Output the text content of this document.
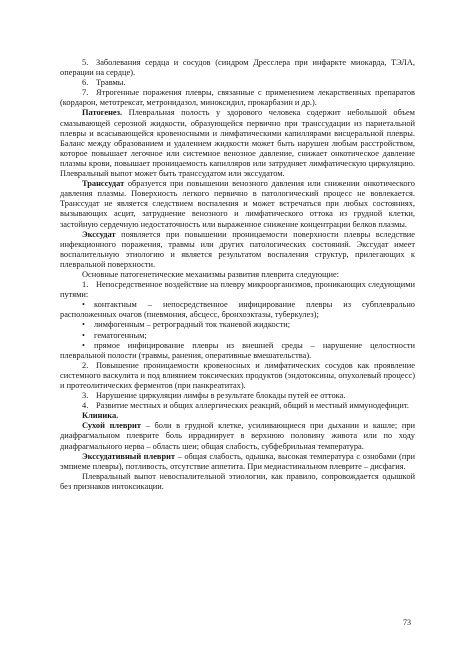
5. Заболевания сердца и сосудов (синдром Дресслера при инфаркте миокарда, ТЭЛА, операции на сердце).

6. Травмы.

7. Ятрогенные поражения плевры, связанные с применением лекарственных препаратов (кордарон, метотрексат, метронидазол, миноксидил, прокарбазин и др.).

Патогенез. Плевральная полость у здорового человека содержит небольшой объем смазывающей серозной жидкости, образующейся первично при транссудации из париетальной плевры и всасывающейся кровеносными и лимфатическими капиллярами висцеральной плевры. Баланс между образованием и удалением жидкости может быть нарушен любым расстройством, которое повышает легочное или системное венозное давление, снижает онкотическое давление плазмы крови, повышает проницаемость капилляров или затрудняет лимфатическую циркуляцию. Плевральный выпот может быть транссудатом или экссудатом.

Транссудат образуется при повышении венозного давления или снижении онкотического давления плазмы. Поверхность легкого первично в патологический процесс не вовлекается. Транссудат не является следствием воспаления и может встречаться при любых состояниях, вызывающих асцит, затруднение венозного и лимфатического оттока из грудной клетки, застойную сердечную недостаточность или выраженное снижение концентрации белков плазмы.

Экссудат появляется при повышении проницаемости поверхности плевры вследствие инфекционного поражения, травмы или других патологических состояний. Экссудат имеет воспалительную этиологию и является результатом воспаления структур, прилегающих к плевральной поверхности.

Основные патогенетические механизмы развития плеврита следующие:

1. Непосредственное воздействие на плевру микроорганизмов, проникающих следующими путями:

• контактным – непосредственное инфицирование плевры из субплеврально расположенных очагов (пневмония, абсцесс, бронхоэктазы, туберкулез);

• лимфогенным – ретроградный ток тканевой жидкости;

• гематогенным;

• прямое инфицирование плевры из внешней среды – нарушение целостности плевральной полости (травмы, ранения, оперативные вмешательства).

2. Повышение проницаемости кровеносных и лимфатических сосудов как проявление системного васкулита и под влиянием токсических продуктов (эндотоксины, опухолевый процесс) и протеолитических ферментов (при панкреатитах).

3. Нарушение циркуляции лимфы в результате блокады путей ее оттока.

4. Развитие местных и общих аллергических реакций, общий и местный иммунодефицит.

Клиника.

Сухой плеврит – боли в грудной клетке, усиливающиеся при дыхании и кашле; при диафрагмальном плеврите боль иррадиирует в верхнюю половину живота или по ходу диафрагмального нерва – область шеи; общая слабость, субфебрильная температура.

Экссудативный плеврит – общая слабость, одышка, высокая температура с ознобами (при эмпиеме плевры), потливость, отсутствие аппетита. При медиастинальном плеврите – дисфагия.

Плевральный выпот невоспалительной этиологии, как правило, сопровождается одышкой без признаков интоксикации.

73
